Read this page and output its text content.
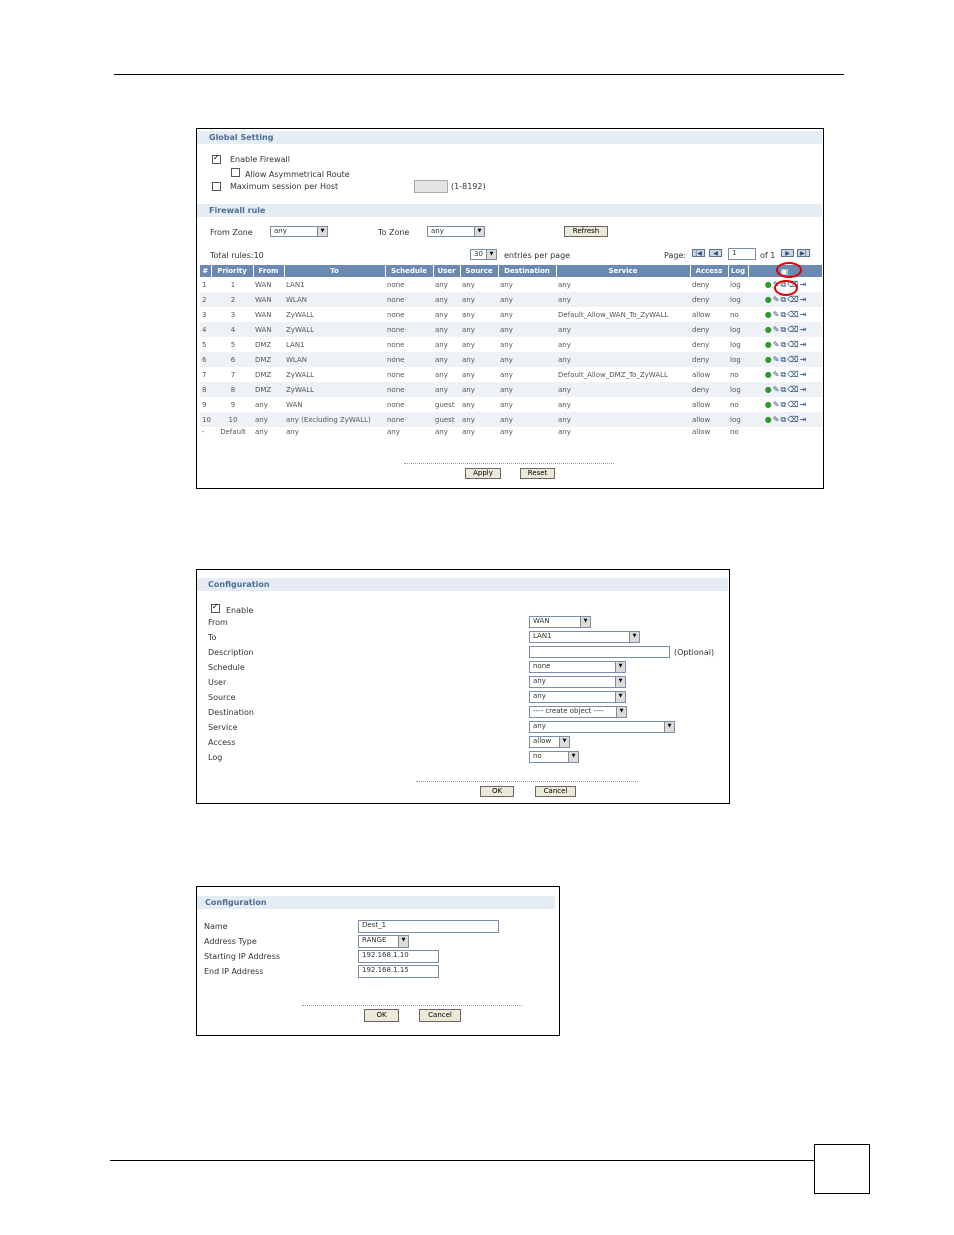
Global Setting
✓
Enable Firewall
Allow Asymmetrical Route
Maximum session per Host	(1-8192)
Firewall rule
From Zone	any	▼	To Zone	any	▼	Refresh
Total rules:10	30	▼	entries per page	Page:	|◀	◀	1	of 1	▶	▶|
#	Priority	From	To	Schedule	User	Source	Destination	Service	Access	Log	▣
1	1	WAN	LAN1	none	any	any	any	any	deny	log	●✎⧉⌫⇥
2	2	WAN	WLAN	none	any	any	any	any	deny	log	●✎⧉⌫⇥
3	3	WAN	ZyWALL	none	any	any	any	Default_Allow_WAN_To_ZyWALL	allow	no	●✎⧉⌫⇥
4	4	WAN	ZyWALL	none	any	any	any	any	deny	log	●✎⧉⌫⇥
5	5	DMZ	LAN1	none	any	any	any	any	deny	log	●✎⧉⌫⇥
6	6	DMZ	WLAN	none	any	any	any	any	deny	log	●✎⧉⌫⇥
7	7	DMZ	ZyWALL	none	any	any	any	Default_Allow_DMZ_To_ZyWALL	allow	no	●✎⧉⌫⇥
8	8	DMZ	ZyWALL	none	any	any	any	any	deny	log	●✎⧉⌫⇥
9	9	any	WAN	none	guest	any	any	any	allow	no	●✎⧉⌫⇥
10	10	any	any (Excluding ZyWALL)	none	guest	any	any	any	allow	log	●✎⧉⌫⇥
-	Default	any	any	any	any	any	any	any	allow	no	
Apply	Reset
Configuration
✓
Enable
From	WAN	▼
To	LAN1	▼
Description
Schedule	none	▼
User	any	▼
Source	any	▼
Destination	---- create object ----	▼
Service	any	▼
Access	allow	▼
Log	no	▼
(Optional)
OK	Cancel
Configuration
Name	Dest_1
Address Type	RANGE	▼
Starting IP Address	192.168.1.10
End IP Address	192.168.1.15
OK	Cancel
